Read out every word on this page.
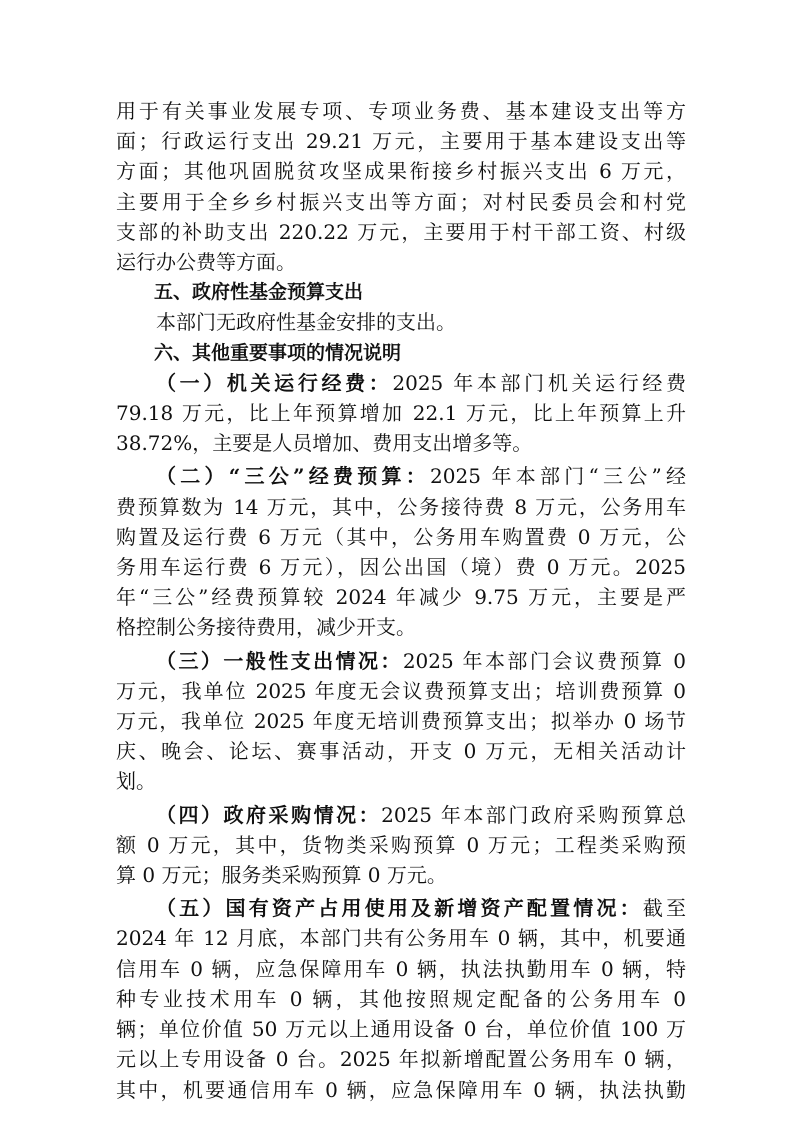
用于有关事业发展专项、专项业务费、基本建设支出等方
面；行政运行支出 29.21 万元，主要用于基本建设支出等
方面；其他巩固脱贫攻坚成果衔接乡村振兴支出 6 万元，
主要用于全乡乡村振兴支出等方面；对村民委员会和村党
支部的补助支出 220.22 万元，主要用于村干部工资、村级
运行办公费等方面。

五、政府性基金预算支出

本部门无政府性基金安排的支出。

六、其他重要事项的情况说明

（一）机关运行经费：2025 年本部门机关运行经费
79.18 万元，比上年预算增加 22.1 万元，比上年预算上升
38.72%，主要是人员增加、费用支出增多等。

（二）“三公”经费预算：2025 年本部门“三公”经
费预算数为 14 万元，其中，公务接待费 8 万元，公务用车
购置及运行费 6 万元（其中，公务用车购置费 0 万元，公
务用车运行费 6 万元），因公出国（境）费 0 万元。2025
年“三公”经费预算较 2024 年减少 9.75 万元，主要是严
格控制公务接待费用，减少开支。

（三）一般性支出情况：2025 年本部门会议费预算 0
万元，我单位 2025 年度无会议费预算支出；培训费预算 0
万元，我单位 2025 年度无培训费预算支出；拟举办 0 场节
庆、晚会、论坛、赛事活动，开支 0 万元，无相关活动计
划。

（四）政府采购情况：2025 年本部门政府采购预算总
额 0 万元，其中，货物类采购预算 0 万元；工程类采购预
算 0 万元；服务类采购预算 0 万元。

（五）国有资产占用使用及新增资产配置情况：截至
2024 年 12 月底，本部门共有公务用车 0 辆，其中，机要通
信用车 0 辆，应急保障用车 0 辆，执法执勤用车 0 辆，特
种专业技术用车 0 辆，其他按照规定配备的公务用车 0
辆；单位价值 50 万元以上通用设备 0 台，单位价值 100 万
元以上专用设备 0 台。2025 年拟新增配置公务用车 0 辆，
其中，机要通信用车 0 辆，应急保障用车 0 辆，执法执勤
